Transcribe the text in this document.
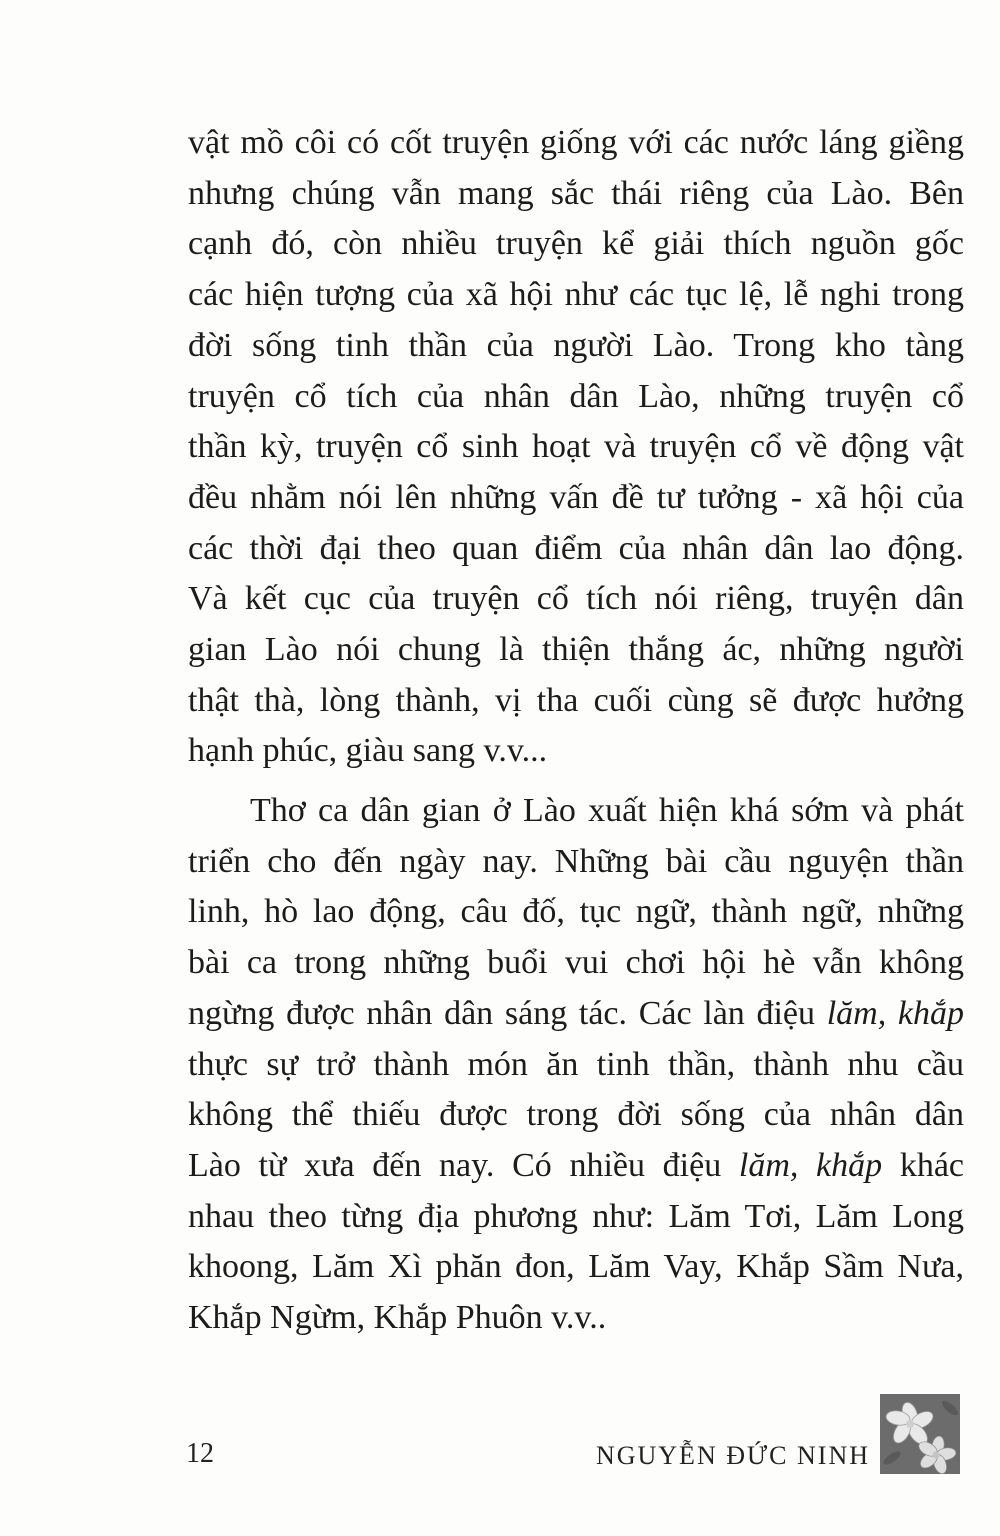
vật mồ côi có cốt truyện giống với các nước láng giềng
nhưng chúng vẫn mang sắc thái riêng của Lào. Bên
cạnh đó, còn nhiều truyện kể giải thích nguồn gốc
các hiện tượng của xã hội như các tục lệ, lễ nghi trong
đời sống tinh thần của người Lào. Trong kho tàng
truyện cổ tích của nhân dân Lào, những truyện cổ
thần kỳ, truyện cổ sinh hoạt và truyện cổ về động vật
đều nhằm nói lên những vấn đề tư tưởng - xã hội của
các thời đại theo quan điểm của nhân dân lao động.
Và kết cục của truyện cổ tích nói riêng, truyện dân
gian Lào nói chung là thiện thắng ác, những người
thật thà, lòng thành, vị tha cuối cùng sẽ được hưởng
hạnh phúc, giàu sang v.v...
Thơ ca dân gian ở Lào xuất hiện khá sớm và phát
triển cho đến ngày nay. Những bài cầu nguyện thần
linh, hò lao động, câu đố, tục ngữ, thành ngữ, những
bài ca trong những buổi vui chơi hội hè vẫn không
ngừng được nhân dân sáng tác. Các làn điệu lăm, khắp
thực sự trở thành món ăn tinh thần, thành nhu cầu
không thể thiếu được trong đời sống của nhân dân
Lào từ xưa đến nay. Có nhiều điệu lăm, khắp khác
nhau theo từng địa phương như: Lăm Tơi, Lăm Long
khoong, Lăm Xì phăn đon, Lăm Vay, Khắp Sầm Nưa,
Khắp Ngừm, Khắp Phuôn v.v..
12	NGUYỄN ĐỨC NINH
